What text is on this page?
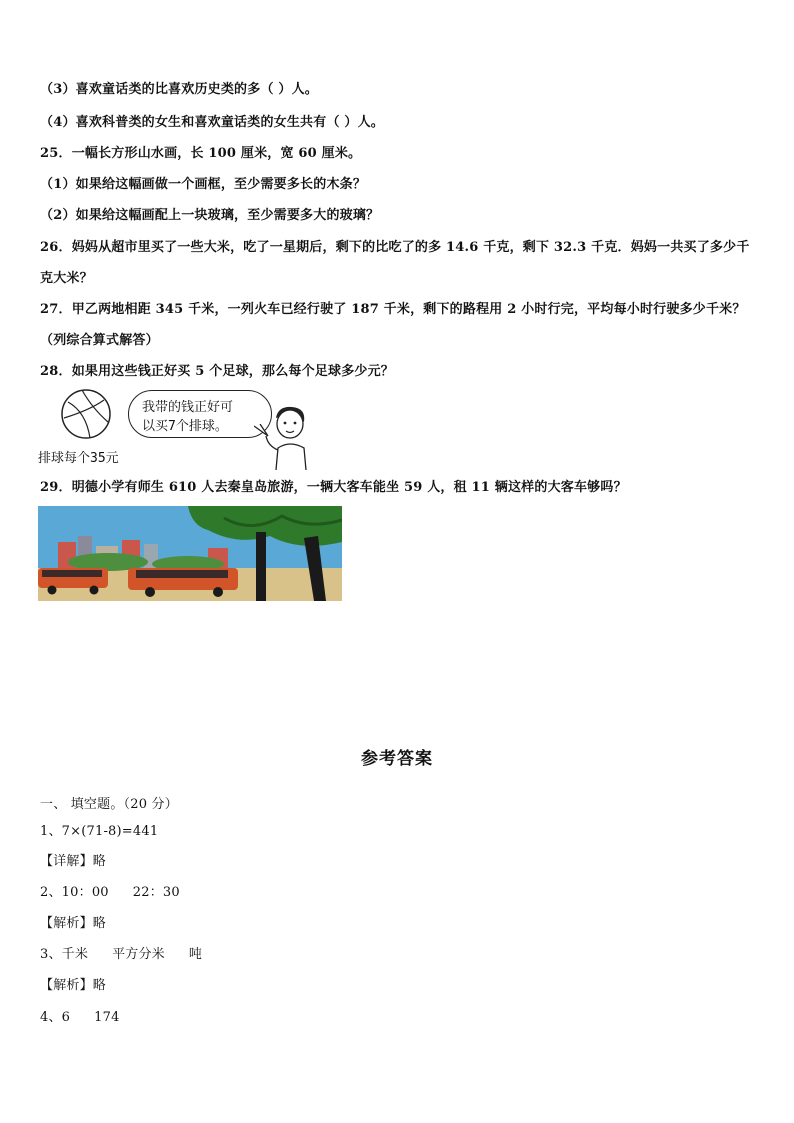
（3）喜欢童话类的比喜欢历史类的多（ ）人。
（4）喜欢科普类的女生和喜欢童话类的女生共有（ ）人。
25．一幅长方形山水画，长 100 厘米，宽 60 厘米。
（1）如果给这幅画做一个画框，至少需要多长的木条？
（2）如果给这幅画配上一块玻璃，至少需要多大的玻璃？
26．妈妈从超市里买了一些大米，吃了一星期后，剩下的比吃了的多 14.6 千克，剩下 32.3 千克．妈妈一共买了多少千
克大米？
27．甲乙两地相距 345 千米，一列火车已经行驶了 187 千米，剩下的路程用 2 小时行完，平均每小时行驶多少千米？
（列综合算式解答）
28．如果用这些钱正好买 5 个足球，那么每个足球多少元？
排球每个35元
我带的钱正好可
以买7个排球。
29．明德小学有师生 610 人去秦皇岛旅游，一辆大客车能坐 59 人，租 11 辆这样的大客车够吗？
参考答案
一、 填空题。（20 分）
1、7×(71-8)=441
【详解】略
2、10：00 22：30
【解析】略
3、千米 平方分米 吨
【解析】略
4、6 174
